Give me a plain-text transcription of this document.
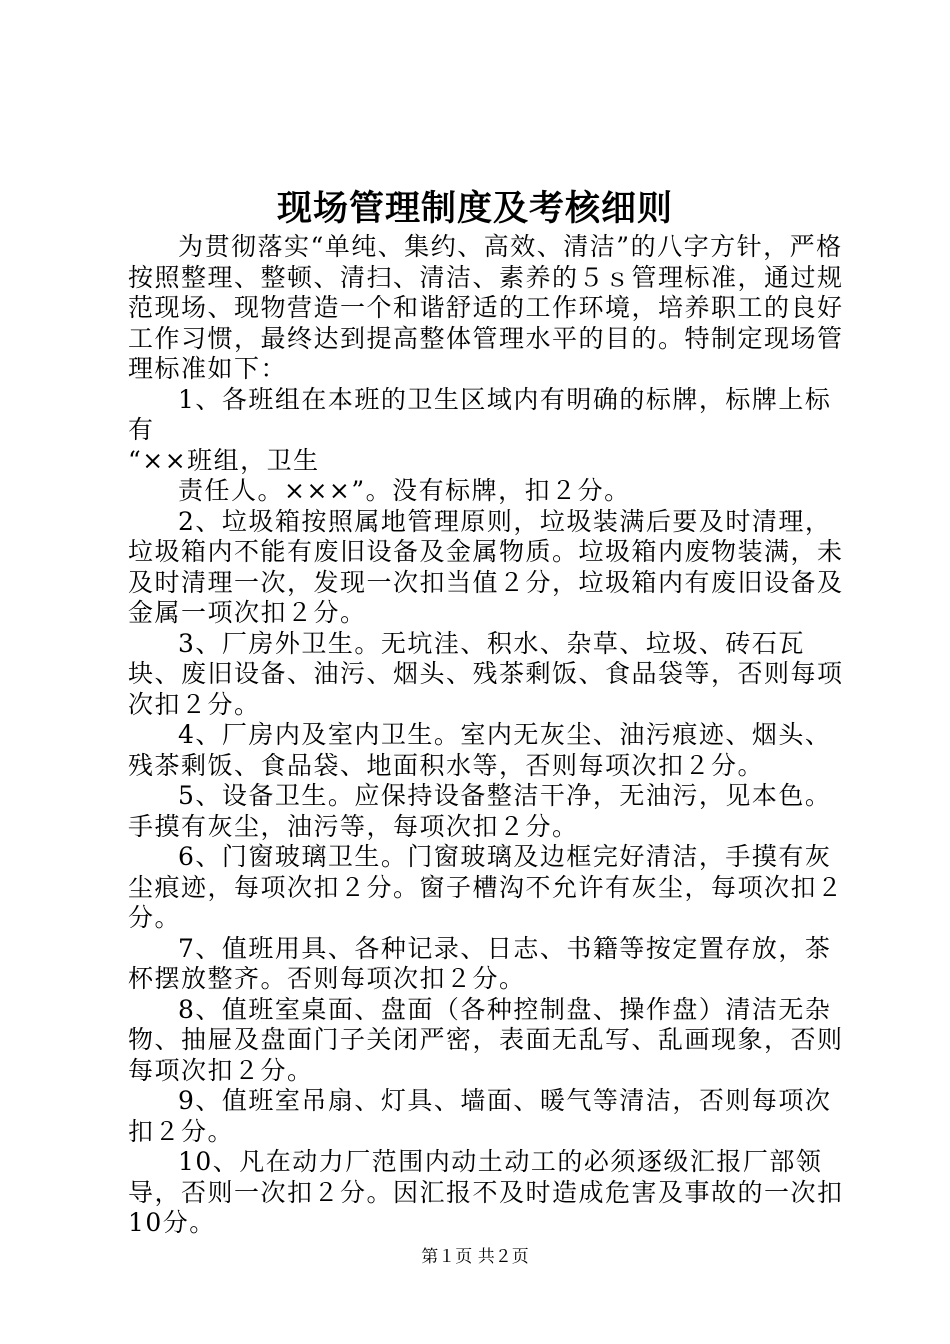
现场管理制度及考核细则

为贯彻落实“单纯、集约、高效、清洁”的八字方针，严格按照整理、整顿、清扫、清洁、素养的５ｓ管理标准，通过规范现场、现物营造一个和谐舒适的工作环境，培养职工的良好工作习惯，最终达到提高整体管理水平的目的。特制定现场管理标准如下：

1、各班组在本班的卫生区域内有明确的标牌，标牌上标有
“××班组，卫生

责任人。×××”。没有标牌，扣２分。

2、垃圾箱按照属地管理原则，垃圾装满后要及时清理，垃圾箱内不能有废旧设备及金属物质。垃圾箱内废物装满，未及时清理一次，发现一次扣当值２分，垃圾箱内有废旧设备及金属一项次扣２分。

3、厂房外卫生。无坑洼、积水、杂草、垃圾、砖石瓦块、废旧设备、油污、烟头、残茶剩饭、食品袋等，否则每项次扣２分。

4、厂房内及室内卫生。室内无灰尘、油污痕迹、烟头、残茶剩饭、食品袋、地面积水等，否则每项次扣２分。

5、设备卫生。应保持设备整洁干净，无油污，见本色。手摸有灰尘，油污等，每项次扣２分。

6、门窗玻璃卫生。门窗玻璃及边框完好清洁，手摸有灰尘痕迹，每项次扣２分。窗子槽沟不允许有灰尘，每项次扣２分。

7、值班用具、各种记录、日志、书籍等按定置存放，茶杯摆放整齐。否则每项次扣２分。

8、值班室桌面、盘面（各种控制盘、操作盘）清洁无杂物、抽屉及盘面门子关闭严密，表面无乱写、乱画现象，否则每项次扣２分。

9、值班室吊扇、灯具、墙面、暖气等清洁，否则每项次扣２分。

10、凡在动力厂范围内动土动工的必须逐级汇报厂部领导，否则一次扣２分。因汇报不及时造成危害及事故的一次扣10分。

第１页 共２页
